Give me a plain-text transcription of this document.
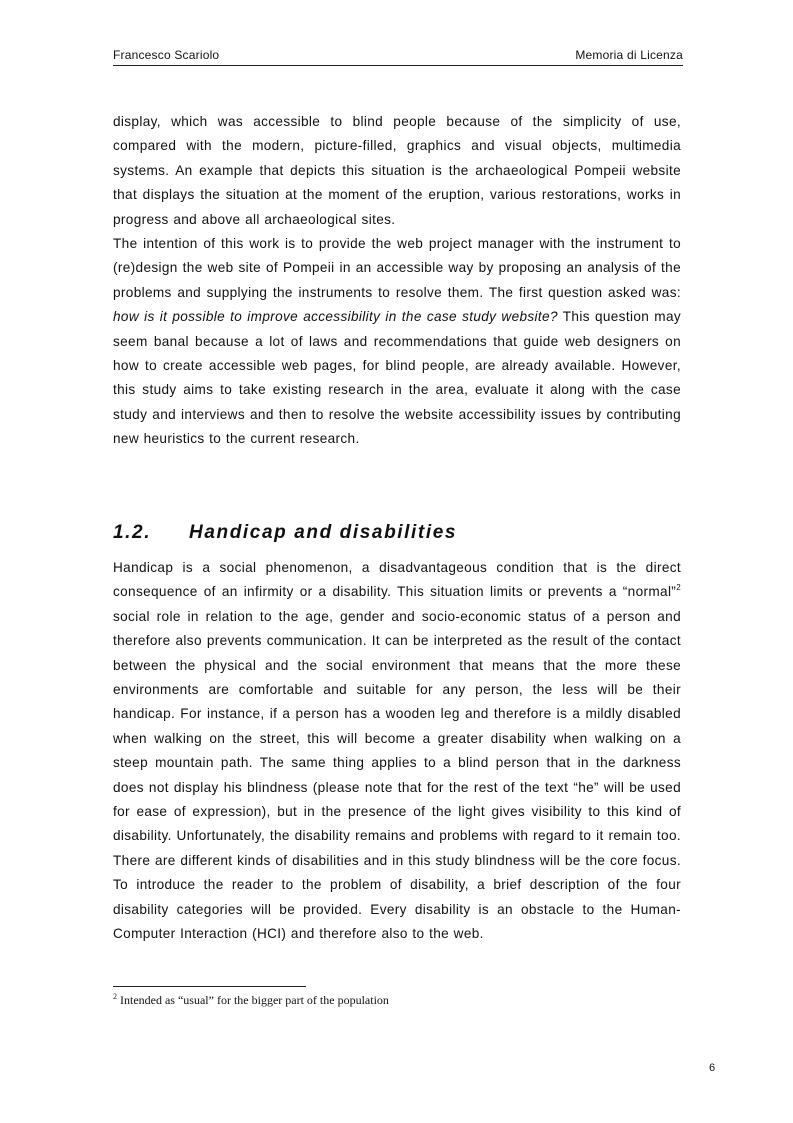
Francesco Scariolo	Memoria di Licenza

display, which was accessible to blind people because of the simplicity of use, compared with the modern, picture-filled, graphics and visual objects, multimedia systems. An example that depicts this situation is the archaeological Pompeii website that displays the situation at the moment of the eruption, various restorations, works in progress and above all archaeological sites.

The intention of this work is to provide the web project manager with the instrument to (re)design the web site of Pompeii in an accessible way by proposing an analysis of the problems and supplying the instruments to resolve them. The first question asked was: how is it possible to improve accessibility in the case study website? This question may seem banal because a lot of laws and recommendations that guide web designers on how to create accessible web pages, for blind people, are already available. However, this study aims to take existing research in the area, evaluate it along with the case study and interviews and then to resolve the website accessibility issues by contributing new heuristics to the current research.

1.2. Handicap and disabilities

Handicap is a social phenomenon, a disadvantageous condition that is the direct consequence of an infirmity or a disability. This situation limits or prevents a “normal”$^2$ social role in relation to the age, gender and socio-economic status of a person and therefore also prevents communication. It can be interpreted as the result of the contact between the physical and the social environment that means that the more these environments are comfortable and suitable for any person, the less will be their handicap. For instance, if a person has a wooden leg and therefore is a mildly disabled when walking on the street, this will become a greater disability when walking on a steep mountain path. The same thing applies to a blind person that in the darkness does not display his blindness (please note that for the rest of the text “he” will be used for ease of expression), but in the presence of the light gives visibility to this kind of disability. Unfortunately, the disability remains and problems with regard to it remain too. There are different kinds of disabilities and in this study blindness will be the core focus. To introduce the reader to the problem of disability, a brief description of the four disability categories will be provided. Every disability is an obstacle to the Human-Computer Interaction (HCI) and therefore also to the web.

$^2$ Intended as “usual” for the bigger part of the population
6
